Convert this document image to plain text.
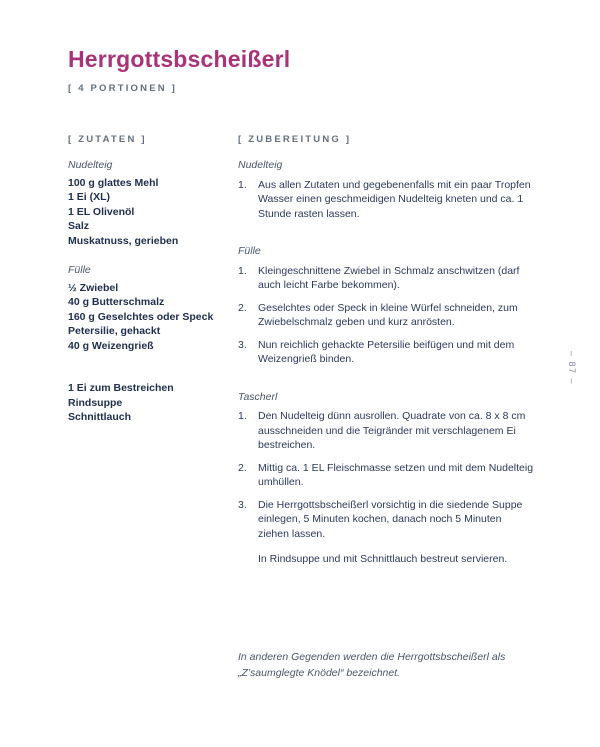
Herrgottsbscheißerl
[ 4 PORTIONEN ]
[ ZUTATEN ]
Nudelteig
100 g glattes Mehl
1 Ei (XL)
1 EL Olivenöl
Salz
Muskatnuss, gerieben
Fülle
½ Zwiebel
40 g Butterschmalz
160 g Geselchtes oder Speck
Petersilie, gehackt
40 g Weizengrieß
1 Ei zum Bestreichen
Rindsuppe
Schnittlauch
[ ZUBEREITUNG ]
Nudelteig
1.	Aus allen Zutaten und gegebenenfalls mit ein paar Tropfen Wasser einen geschmeidigen Nudelteig kneten und ca. 1 Stunde rasten lassen.
Fülle
1.	Kleingeschnittene Zwiebel in Schmalz anschwitzen (darf auch leicht Farbe bekommen).
2.	Geselchtes oder Speck in kleine Würfel schneiden, zum Zwiebelschmalz geben und kurz anrösten.
3.	Nun reichlich gehackte Petersilie beifügen und mit dem Weizengrieß binden.
Tascherl
1.	Den Nudelteig dünn ausrollen. Quadrate von ca. 8 x 8 cm ausschneiden und die Teigränder mit verschlagenem Ei bestreichen.
2.	Mittig ca. 1 EL Fleischmasse setzen und mit dem Nudelteig umhüllen.
3.	Die Herrgottsbscheißerl vorsichtig in die siedende Suppe einlegen, 5 Minuten kochen, danach noch 5 Minuten ziehen lassen.
In Rindsuppe und mit Schnittlauch bestreut servieren.
– 87 –
In anderen Gegenden werden die Herrgottsbscheißerl als „Z’saumglegte Knödel“ bezeichnet.
